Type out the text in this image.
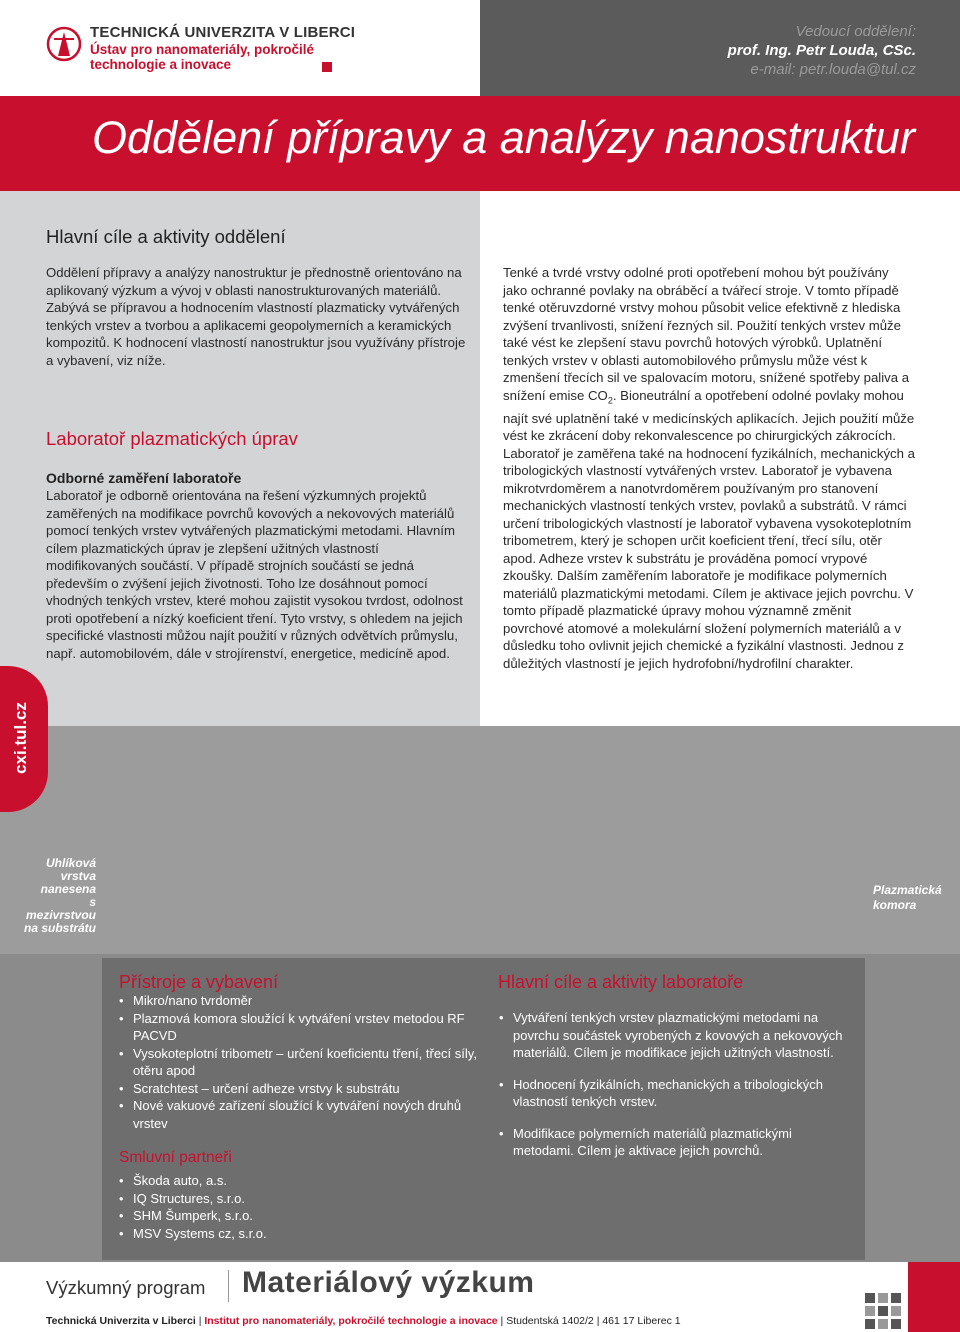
TECHNICKÁ UNIVERZITA V LIBERCI
Ústav pro nanomateriály, pokročilé
technologie a inovace
Vedoucí oddělení:
prof. Ing. Petr Louda, CSc.
e-mail: petr.louda@tul.cz
Oddělení přípravy a analýzy nanostruktur
cxi.tul.cz
Hlavní cíle a aktivity oddělení
Oddělení přípravy a analýzy nanostruktur je přednostně orientováno na aplikovaný výzkum a vývoj v oblasti nanostrukturovaných materiálů. Zabývá se přípravou a hodnocením vlastností plazmaticky vytvářených tenkých vrstev a tvorbou a aplikacemi geopolymerních a keramických kompozitů. K hodnocení vlastností nanostruktur jsou využívány přístroje a vybavení, viz níže.
Laboratoř plazmatických úprav
Odborné zaměření laboratoře
Laboratoř je odborně orientována na řešení výzkumných projektů zaměřených na modifikace povrchů kovových a nekovových materiálů pomocí tenkých vrstev vytvářených plazmatickými metodami. Hlavním cílem plazmatických úprav je zlepšení užitných vlastností modifikovaných součástí. V případě strojních součástí se jedná především o zvýšení jejich životnosti. Toho lze dosáhnout pomocí vhodných tenkých vrstev, které mohou zajistit vysokou tvrdost, odolnost proti opotřebení a nízký koeficient tření. Tyto vrstvy, s ohledem na jejich specifické vlastnosti můžou najít použití v různých odvětvích průmyslu, např. automobilovém, dále v strojírenství, energetice, medicíně apod.
Tenké a tvrdé vrstvy odolné proti opotřebení mohou být používány jako ochranné povlaky na obráběcí a tvářecí stroje. V tomto případě tenké otěruvzdorné vrstvy mohou působit velice efektivně z hlediska zvýšení trvanlivosti, snížení řezných sil. Použití tenkých vrstev může také vést ke zlepšení stavu povrchů hotových výrobků. Uplatnění tenkých vrstev v oblasti automobilového průmyslu může vést k zmenšení třecích sil ve spalovacím motoru, snížené spotřeby paliva a snížení emise $CO_2$. Bioneutrální a opotřebení odolné povlaky mohou najít své uplatnění také v medicínských aplikacích. Jejich použití může vést ke zkrácení doby rekonvalescence po chirurgických zákrocích. Laboratoř je zaměřena také na hodnocení fyzikálních, mechanických a tribologických vlastností vytvářených vrstev. Laboratoř je vybavena mikrotvrdoměrem a nanotvrdoměrem používaným pro stanovení mechanických vlastností tenkých vrstev, povlaků a substrátů. V rámci určení tribologických vlastností je laboratoř vybavena vysokoteplotním tribometrem, který je schopen určit koeficient tření, třecí sílu, otěr apod. Adheze vrstev k substrátu je prováděna pomocí vrypové zkoušky. Dalším zaměřením laboratoře je modifikace polymerních materiálů plazmatickými metodami. Cílem je aktivace jejich povrchu. V tomto případě plazmatické úpravy mohou významně změnit povrchové atomové a molekulární složení polymerních materiálů a v důsledku toho ovlivnit jejich chemické a fyzikální vlastnosti. Jednou z důležitých vlastností je jejich hydrofobní/hydrofilní charakter.
Uhlíková
vrstva
nanesena
s mezivrstvou
na substrátu
Plazmatická
komora
Přístroje a vybavení
• Mikro/nano tvrdoměr
• Plazmová komora sloužící k vytváření vrstev metodou RF PACVD
• Vysokoteplotní tribometr – určení koeficientu tření, třecí síly, otěru apod
• Scratchtest – určení adheze vrstvy k substrátu
• Nové vakuové zařízení sloužící k vytváření nových druhů vrstev
Smluvní partneři
• Škoda auto, a.s.
• IQ Structures, s.r.o.
• SHM Šumperk, s.r.o.
• MSV Systems cz, s.r.o.
Hlavní cíle a aktivity laboratoře
• Vytváření tenkých vrstev plazmatickými metodami na povrchu součástek vyrobených z kovových a nekovových materiálů. Cílem je modifikace jejich užitných vlastností.
• Hodnocení fyzikálních, mechanických a tribologických vlastností tenkých vrstev.
• Modifikace polymerních materiálů plazmatickými metodami. Cílem je aktivace jejich povrchů.
Výzkumný program Materiálový výzkum
Technická Univerzita v Liberci | Institut pro nanomateriály, pokročilé technologie a inovace | Studentská 1402/2 | 461 17 Liberec 1
